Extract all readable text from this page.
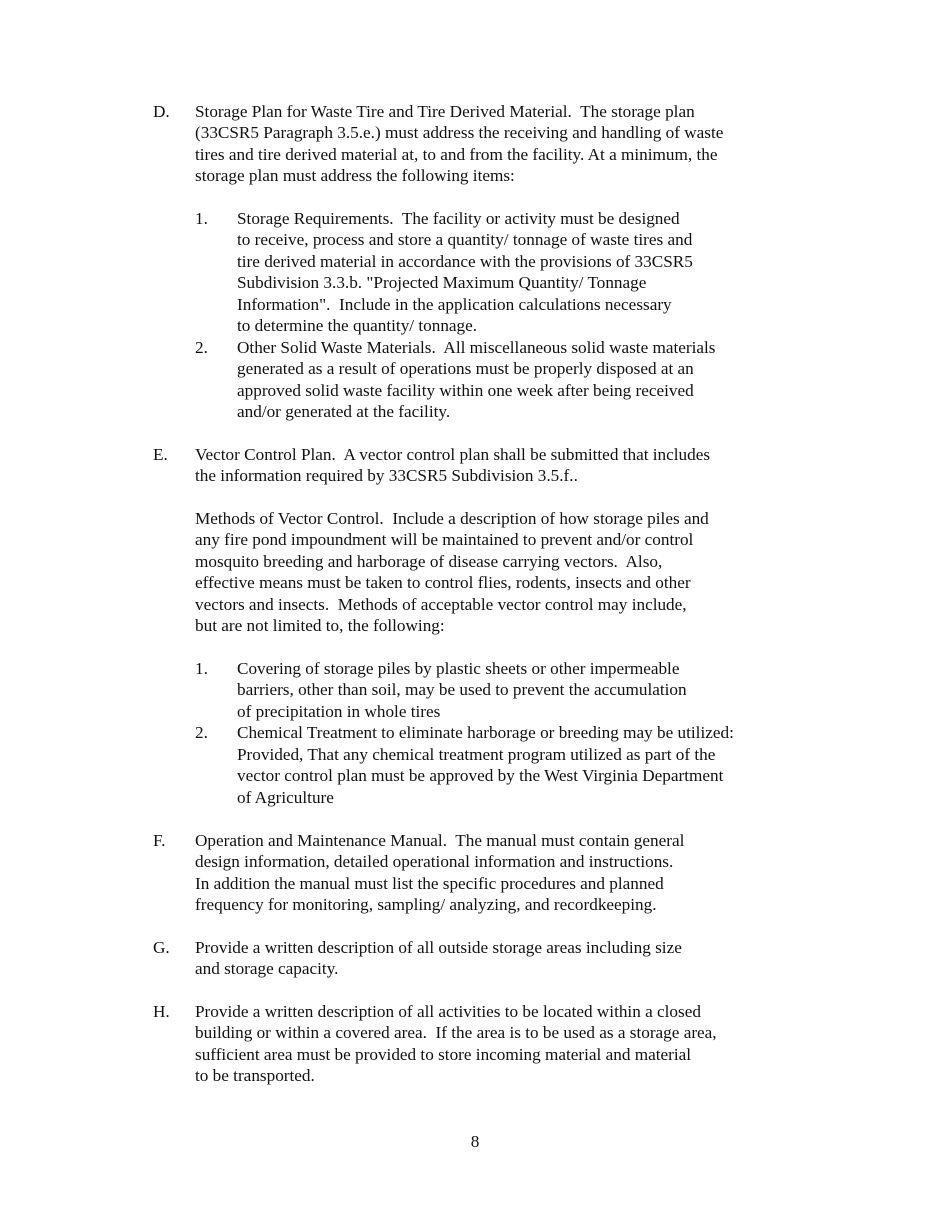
D. Storage Plan for Waste Tire and Tire Derived Material.  The storage plan
(33CSR5 Paragraph 3.5.e.) must address the receiving and handling of waste
tires and tire derived material at, to and from the facility. At a minimum, the
storage plan must address the following items:
1. Storage Requirements.  The facility or activity must be designed
to receive, process and store a quantity/ tonnage of waste tires and
tire derived material in accordance with the provisions of 33CSR5
Subdivision 3.3.b. "Projected Maximum Quantity/ Tonnage
Information".  Include in the application calculations necessary
to determine the quantity/ tonnage.
2. Other Solid Waste Materials.  All miscellaneous solid waste materials
generated as a result of operations must be properly disposed at an
approved solid waste facility within one week after being received
and/or generated at the facility.
E. Vector Control Plan.  A vector control plan shall be submitted that includes
the information required by 33CSR5 Subdivision 3.5.f..
Methods of Vector Control.  Include a description of how storage piles and
any fire pond impoundment will be maintained to prevent and/or control
mosquito breeding and harborage of disease carrying vectors.  Also,
effective means must be taken to control flies, rodents, insects and other
vectors and insects.  Methods of acceptable vector control may include,
but are not limited to, the following:
1. Covering of storage piles by plastic sheets or other impermeable
barriers, other than soil, may be used to prevent the accumulation
of precipitation in whole tires
2. Chemical Treatment to eliminate harborage or breeding may be utilized:
Provided, That any chemical treatment program utilized as part of the
vector control plan must be approved by the West Virginia Department
of Agriculture
F. Operation and Maintenance Manual.  The manual must contain general
design information, detailed operational information and instructions.
In addition the manual must list the specific procedures and planned
frequency for monitoring, sampling/ analyzing, and recordkeeping.
G. Provide a written description of all outside storage areas including size
and storage capacity.
H. Provide a written description of all activities to be located within a closed
building or within a covered area.  If the area is to be used as a storage area,
sufficient area must be provided to store incoming material and material
to be transported.
8
